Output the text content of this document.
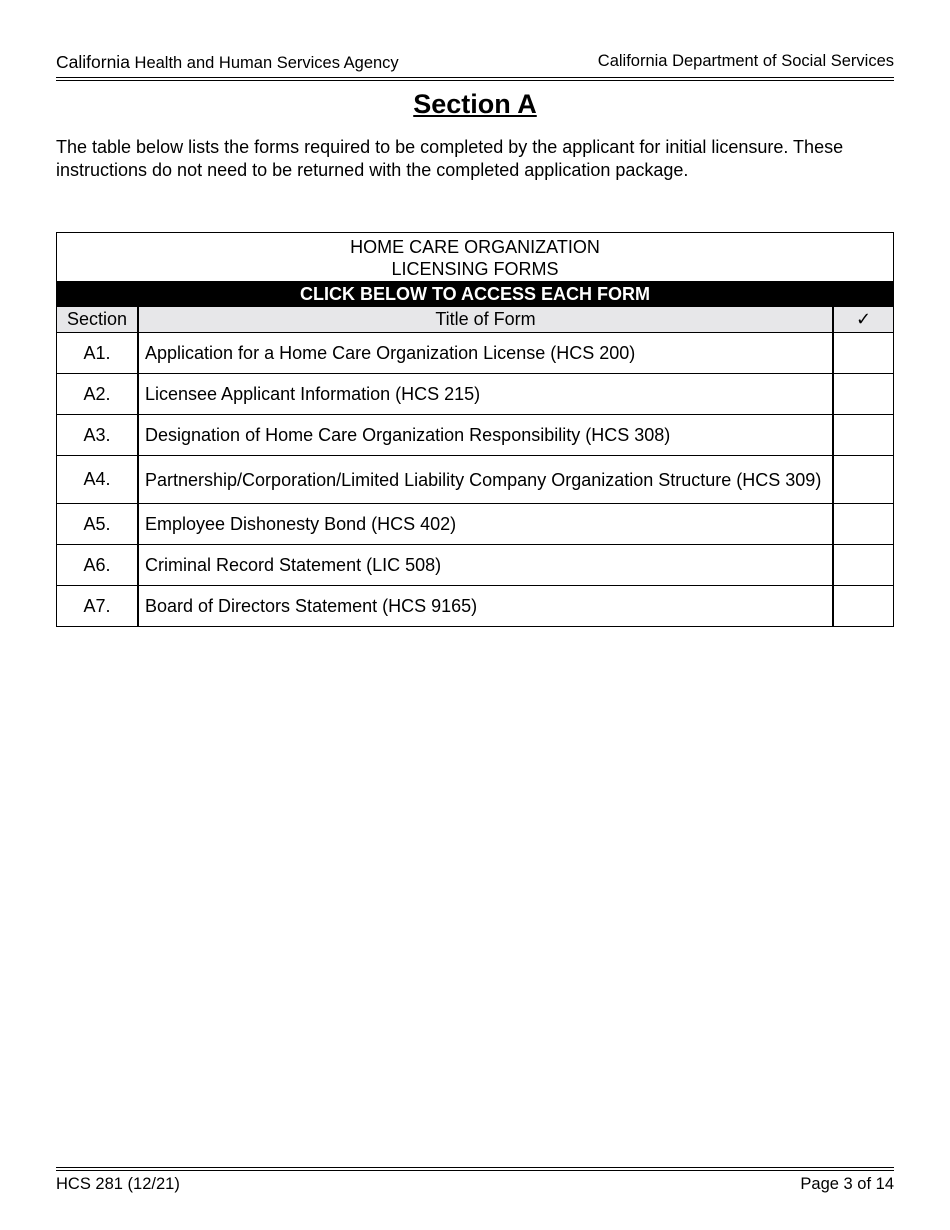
California Health and Human Services Agency	California Department of Social Services
Section A
The table below lists the forms required to be completed by the applicant for initial licensure. These instructions do not need to be returned with the completed application package.
HOME CARE ORGANIZATION
LICENSING FORMS		

CLICK BELOW TO ACCESS EACH FORM		
Section	Title of Form	✓
A1.	Application for a Home Care Organization License (HCS 200)	
A2.	Licensee Applicant Information (HCS 215)	
A3.	Designation of Home Care Organization Responsibility (HCS 308)	
A4.	Partnership/Corporation/Limited Liability Company Organization Structure (HCS 309)	
A5.	Employee Dishonesty Bond (HCS 402)	
A6.	Criminal Record Statement (LIC 508)	
A7.	Board of Directors Statement (HCS 9165)	
HCS 281 (12/21)	Page 3 of 14
